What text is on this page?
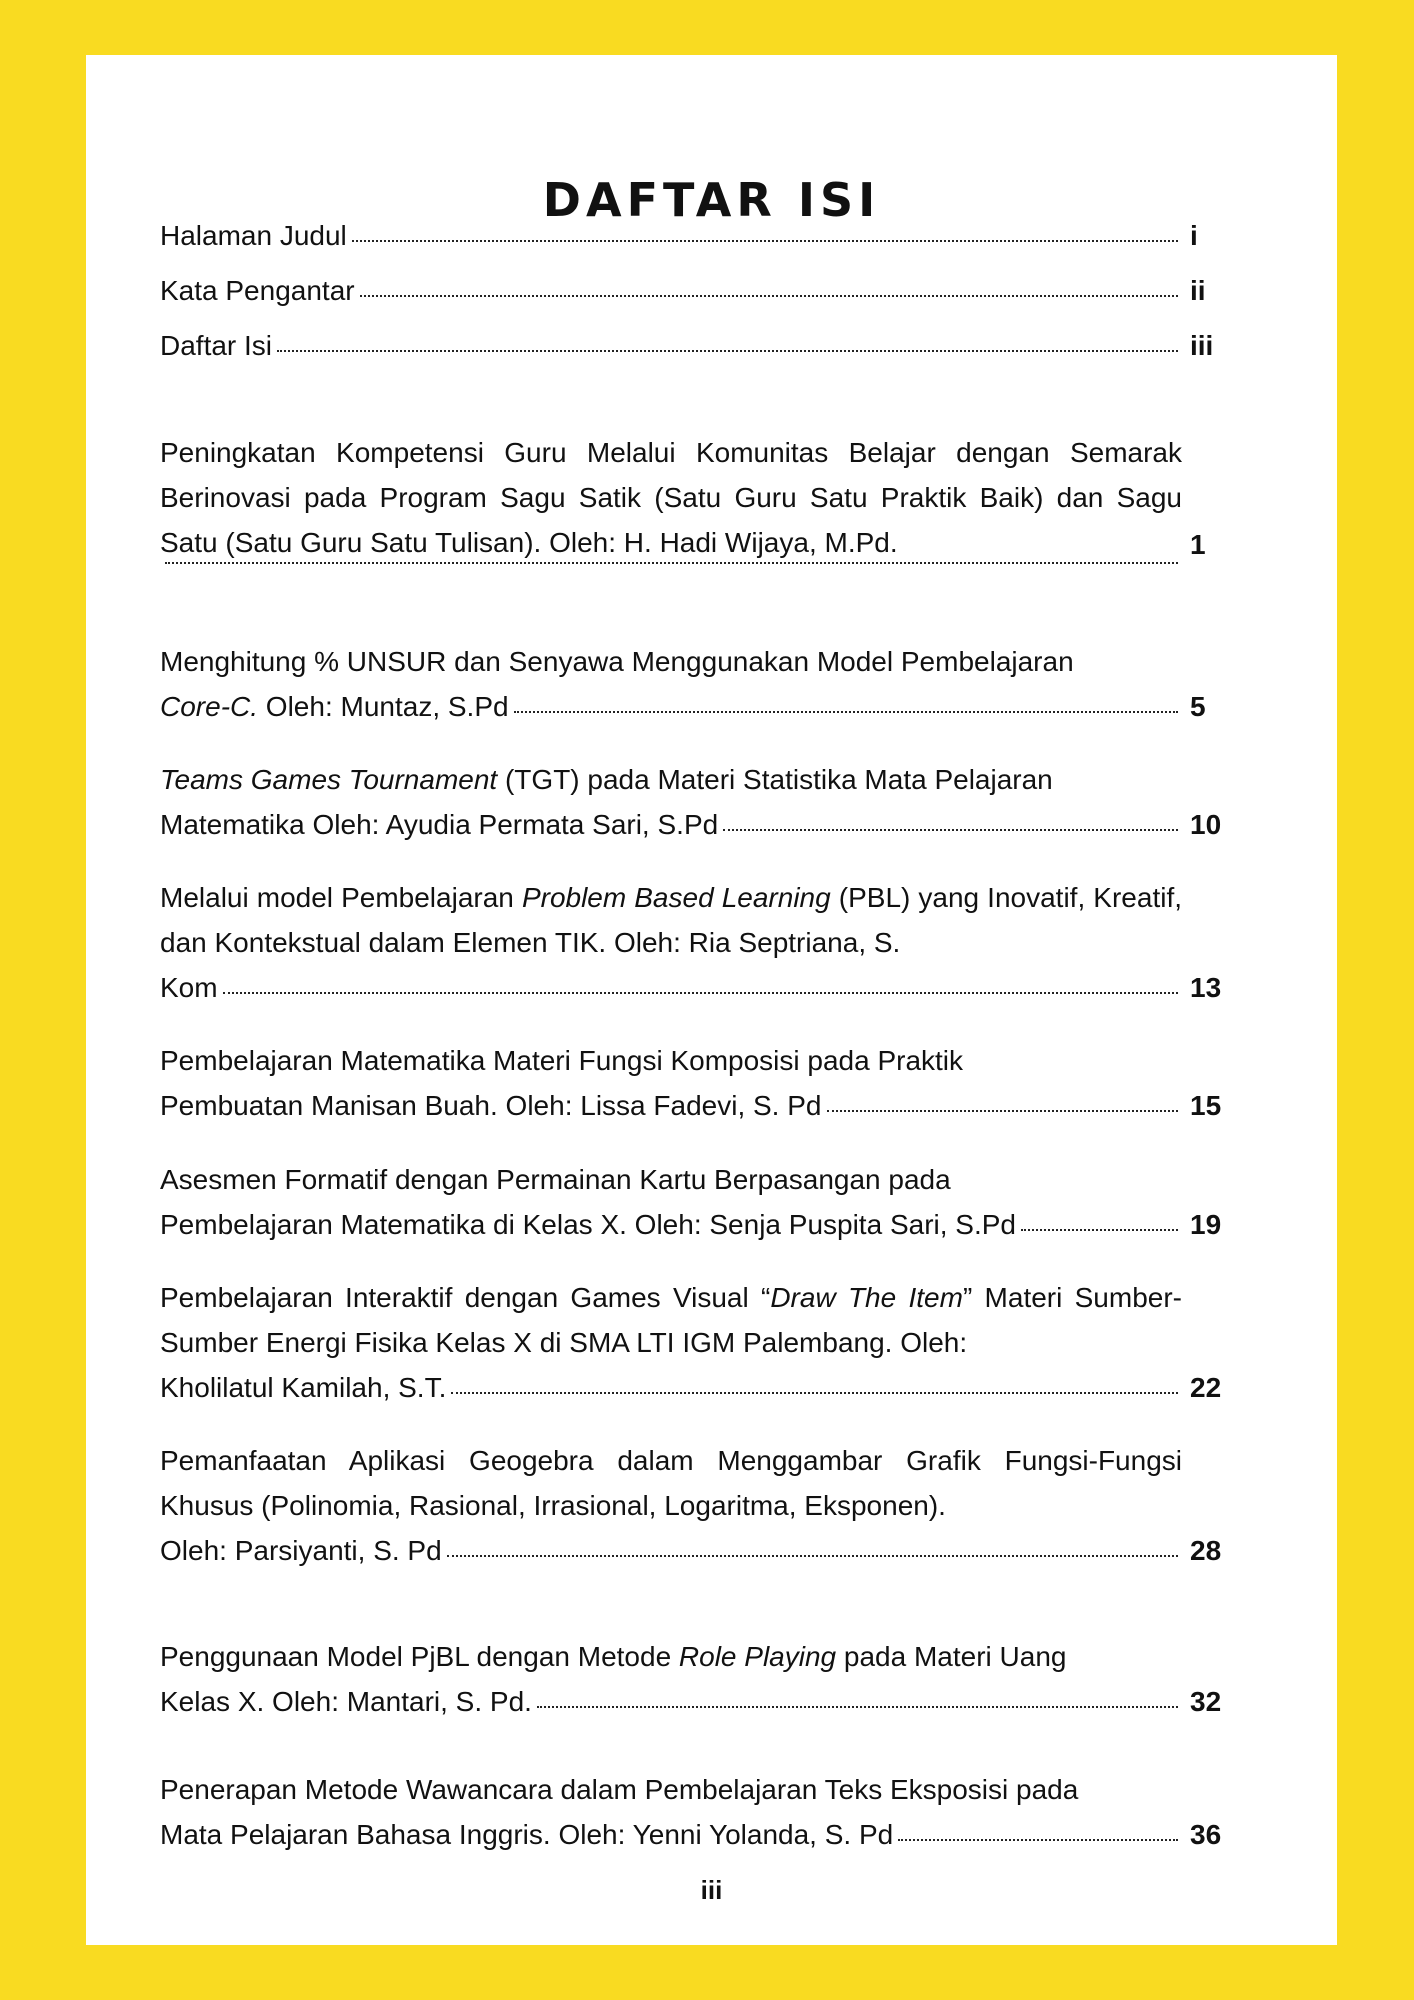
DAFTAR ISI
Halaman Judul	i
Kata Pengantar	ii
Daftar Isi	iii
Peningkatan Kompetensi Guru Melalui Komunitas Belajar dengan Semarak Berinovasi pada Program Sagu Satik (Satu Guru Satu Praktik Baik) dan Sagu Satu (Satu Guru Satu Tulisan). Oleh: H. Hadi Wijaya, M.Pd.	1
Menghitung % UNSUR dan Senyawa Menggunakan Model Pembelajaran
Core-C. Oleh: Muntaz, S.Pd	5
Teams Games Tournament (TGT) pada Materi Statistika Mata Pelajaran
Matematika Oleh: Ayudia Permata Sari, S.Pd	10
Melalui model Pembelajaran Problem Based Learning (PBL) yang Inovatif, Kreatif, dan Kontekstual dalam Elemen TIK. Oleh: Ria Septriana, S.
Kom	13
Pembelajaran Matematika Materi Fungsi Komposisi pada Praktik
Pembuatan Manisan Buah. Oleh: Lissa Fadevi, S. Pd	15
Asesmen Formatif dengan Permainan Kartu Berpasangan pada
Pembelajaran Matematika di Kelas X. Oleh: Senja Puspita Sari, S.Pd	19
Pembelajaran Interaktif dengan Games Visual “Draw The Item” Materi Sumber-Sumber Energi Fisika Kelas X di SMA LTI IGM Palembang. Oleh:
Kholilatul Kamilah, S.T.	22
Pemanfaatan Aplikasi Geogebra dalam Menggambar Grafik Fungsi-Fungsi Khusus (Polinomia, Rasional, Irrasional, Logaritma, Eksponen).
Oleh: Parsiyanti, S. Pd	28
Penggunaan Model PjBL dengan Metode Role Playing pada Materi Uang
Kelas X. Oleh: Mantari, S. Pd.	32
Penerapan Metode Wawancara dalam Pembelajaran Teks Eksposisi pada
Mata Pelajaran Bahasa Inggris. Oleh: Yenni Yolanda, S. Pd	36
iii
